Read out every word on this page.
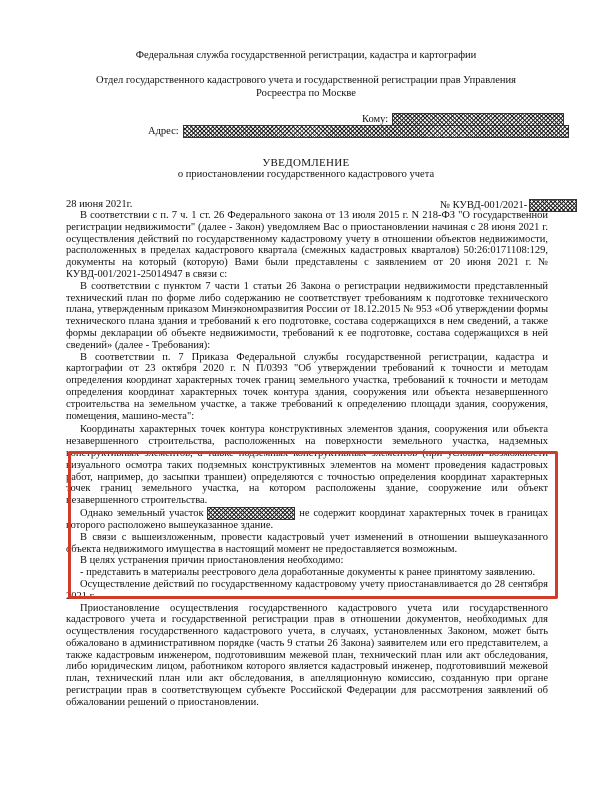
Федеральная служба государственной регистрации, кадастра и картографии
Отдел государственного кадастрового учета и государственной регистрации прав Управления
Росреестра по Москве
Кому:
Адрес:
УВЕДОМЛЕНИЕ
о приостановлении государственного кадастрового учета
28 июня 2021г.	№ КУВД-001/2021-

В соответствии с п. 7 ч. 1 ст. 26 Федерального закона от 13 июля 2015 г. N 218-ФЗ "О государственной регистрации недвижимости" (далее - Закон) уведомляем Вас о приостановлении начиная с 28 июня 2021 г. осуществления действий по государственному кадастровому учету в отношении объектов недвижимости, расположенных в пределах кадастрового квартала (смежных кадастровых кварталов) 50:26:0171108:129, документы на который (которую) Вами были представлены с заявлением от 20 июня 2021 г. № КУВД-001/2021-25014947 в связи с:

В соответствии с пунктом 7 части 1 статьи 26 Закона о регистрации недвижимости представленный технический план по форме либо содержанию не соответствует требованиям к подготовке технического плана, утвержденным приказом Минэкономразвития России от 18.12.2015 № 953 «Об утверждении формы технического плана здания и требований к его подготовке, состава содержащихся в нем сведений, а также формы декларации об объекте недвижимости, требований к ее подготовке, состава содержащихся в ней сведений» (далее - Требования):

В соответствии п. 7 Приказа Федеральной службы государственной регистрации, кадастра и картографии от 23 октября 2020 г. N П/0393 "Об утверждении требований к точности и методам определения координат характерных точек границ земельного участка, требований к точности и методам определения координат характерных точек контура здания, сооружения или объекта незавершенного строительства на земельном участке, а также требований к определению площади здания, сооружения, помещения, машино-места":

Координаты характерных точек контура конструктивных элементов здания, сооружения или объекта незавершенного строительства, расположенных на поверхности земельного участка, надземных конструктивных элементов, а также подземных конструктивных элементов (при условии возможности визуального осмотра таких подземных конструктивных элементов на момент проведения кадастровых работ, например, до засыпки траншеи) определяются с точностью определения координат характерных точек границ земельного участка, на котором расположены здание, сооружение или объект незавершенного строительства.

Однако земельный участок	не содержит координат характерных точек в границах которого расположено вышеуказанное здание.

В связи с вышеизложенным, провести кадастровый учет изменений в отношении вышеуказанного объекта недвижимого имущества в настоящий момент не предоставляется возможным.

В целях устранения причин приостановления необходимо:

- представить в материалы реестрового дела доработанные документы к ранее принятому заявлению.

Осуществление действий по государственному кадастровому учету приостанавливается до 28 сентября 2021 г.

Приостановление осуществления государственного кадастрового учета или государственного кадастрового учета и государственной регистрации прав в отношении документов, необходимых для осуществления государственного кадастрового учета, в случаях, установленных Законом, может быть обжаловано в административном порядке (часть 9 статьи 26 Закона) заявителем или его представителем, а также кадастровым инженером, подготовившим межевой план, технический план или акт обследования, либо юридическим лицом, работником которого является кадастровый инженер, подготовивший межевой план, технический план или акт обследования, в апелляционную комиссию, созданную при органе регистрации прав в соответствующем субъекте Российской Федерации для рассмотрения заявлений об обжаловании решений о приостановлении.
